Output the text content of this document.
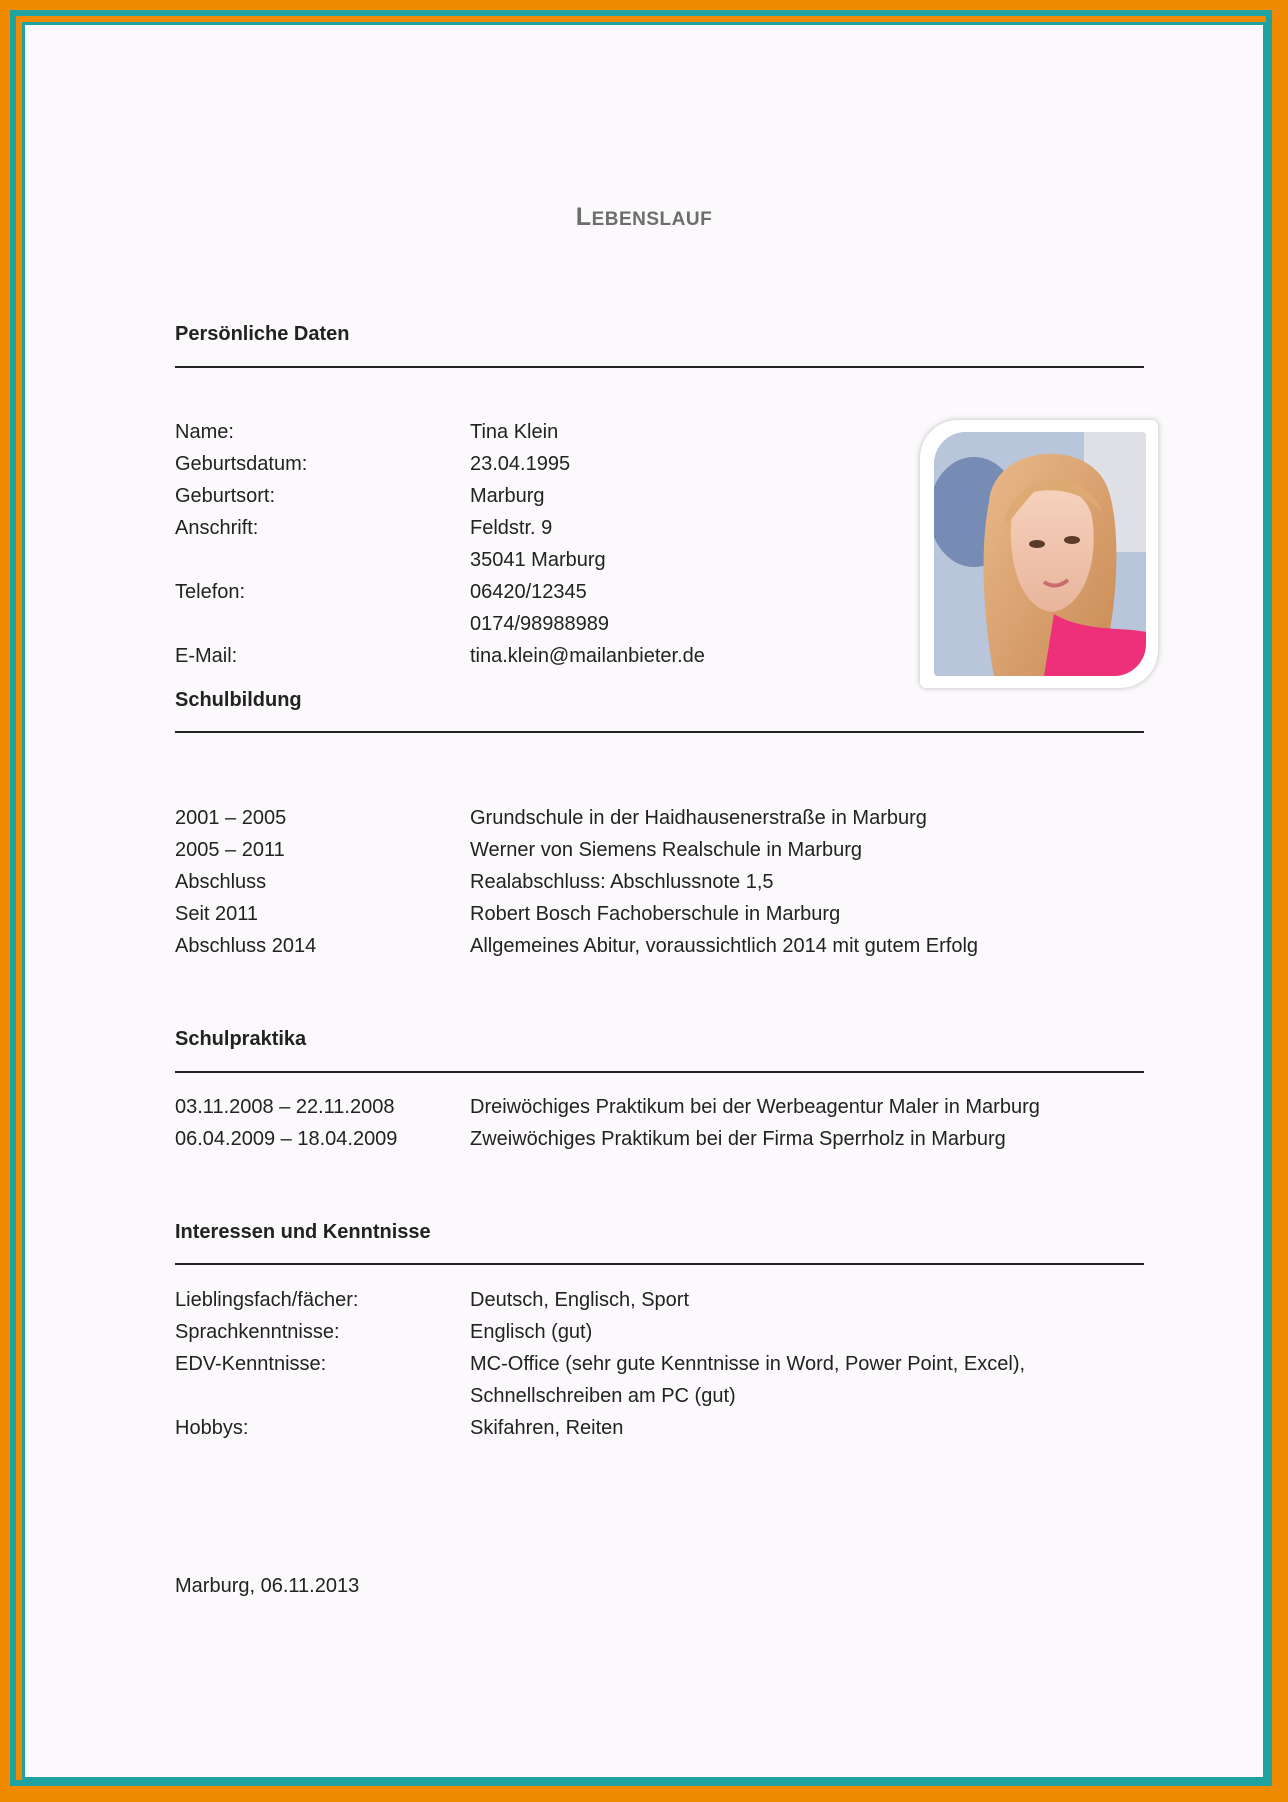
LEBENSLAUF
Persönliche Daten
Name:	Tina Klein
Geburtsdatum:	23.04.1995
Geburtsort:	Marburg
Anschrift:	Feldstr. 9
35041 Marburg
Telefon:	06420/12345
0174/98988989
E-Mail:	tina.klein@mailanbieter.de
Schulbildung
2001 – 2005	Grundschule in der Haidhausenerstraße in Marburg
2005 – 2011	Werner von Siemens Realschule in Marburg
Abschluss	Realabschluss: Abschlussnote 1,5
Seit 2011	Robert Bosch Fachoberschule in Marburg
Abschluss 2014	Allgemeines Abitur, voraussichtlich 2014 mit gutem Erfolg
Schulpraktika
03.11.2008 – 22.11.2008	Dreiwöchiges Praktikum bei der Werbeagentur Maler in Marburg
06.04.2009 – 18.04.2009	Zweiwöchiges Praktikum bei der Firma Sperrholz in Marburg
Interessen und Kenntnisse
Lieblingsfach/fächer:	Deutsch, Englisch, Sport
Sprachkenntnisse:	Englisch (gut)
EDV-Kenntnisse:	MC-Office (sehr gute Kenntnisse in Word, Power Point, Excel),
Schnellschreiben am PC (gut)
Hobbys:	Skifahren, Reiten
Marburg, 06.11.2013
